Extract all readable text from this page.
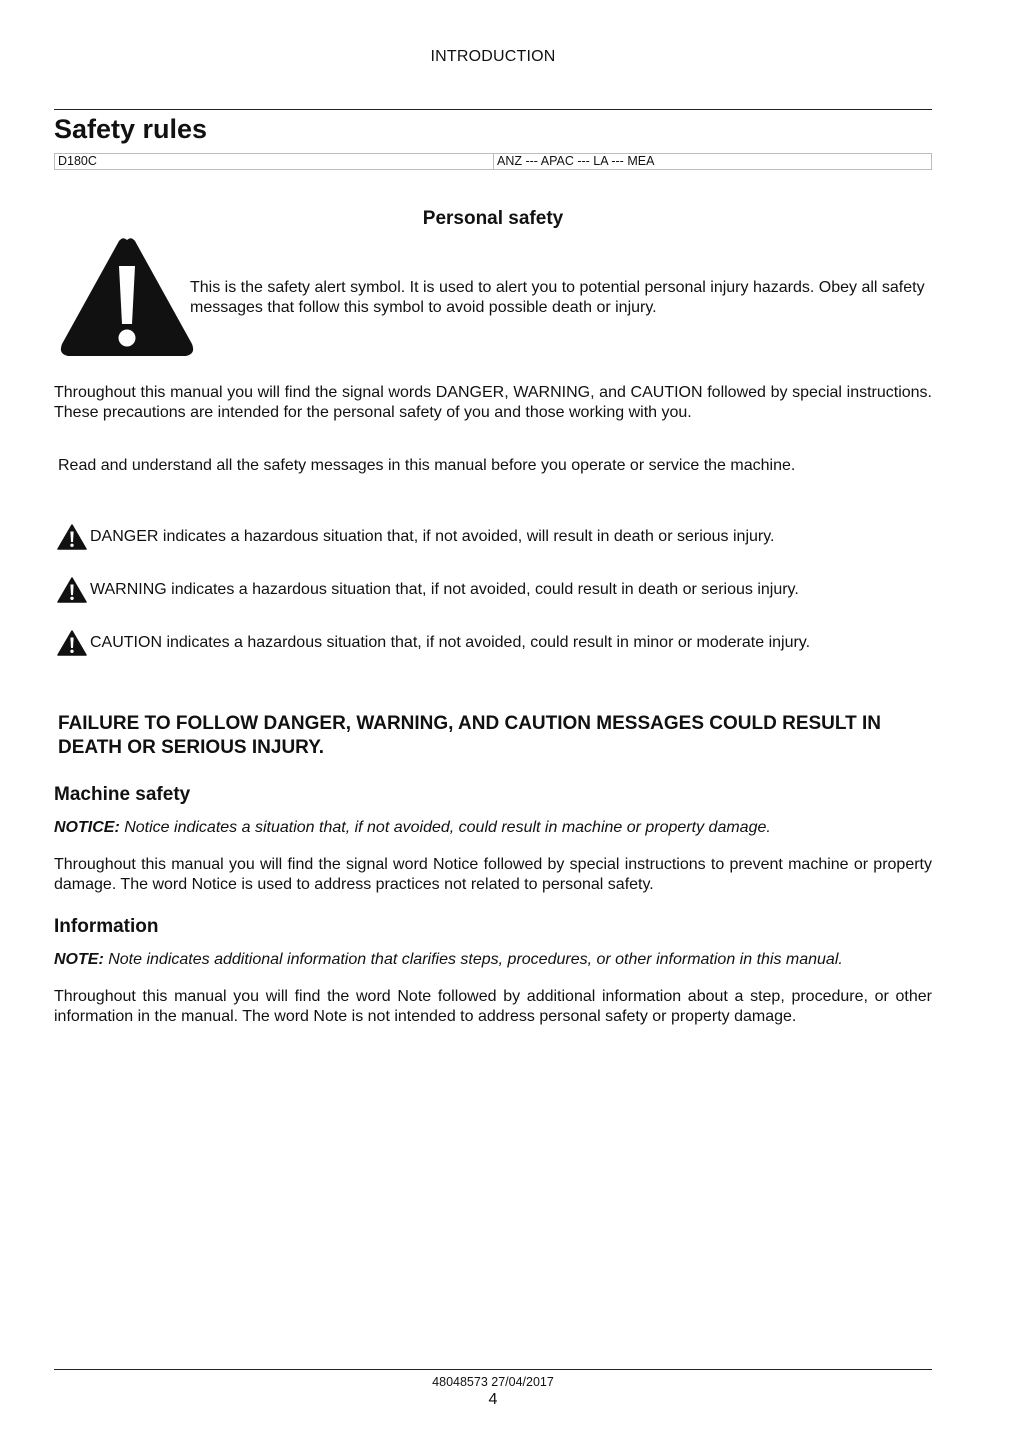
INTRODUCTION
Safety rules
D180C	ANZ --- APAC --- LA --- MEA
Personal safety

This is the safety alert symbol. It is used to alert you to potential personal injury hazards. Obey all safety messages that follow this symbol to avoid possible death or injury.

Throughout this manual you will find the signal words DANGER, WARNING, and CAUTION followed by special instructions. These precautions are intended for the personal safety of you and those working with you.

Read and understand all the safety messages in this manual before you operate or service the machine.

DANGER indicates a hazardous situation that, if not avoided, will result in death or serious injury.
WARNING indicates a hazardous situation that, if not avoided, could result in death or serious injury.
CAUTION indicates a hazardous situation that, if not avoided, could result in minor or moderate injury.

FAILURE TO FOLLOW DANGER, WARNING, AND CAUTION MESSAGES COULD RESULT IN DEATH OR SERIOUS INJURY.

Machine safety

NOTICE: Notice indicates a situation that, if not avoided, could result in machine or property damage.

Throughout this manual you will find the signal word Notice followed by special instructions to prevent machine or property damage. The word Notice is used to address practices not related to personal safety.

Information

NOTE: Note indicates additional information that clarifies steps, procedures, or other information in this manual.

Throughout this manual you will find the word Note followed by additional information about a step, procedure, or other information in the manual. The word Note is not intended to address personal safety or property damage.

48048573 27/04/2017
4
